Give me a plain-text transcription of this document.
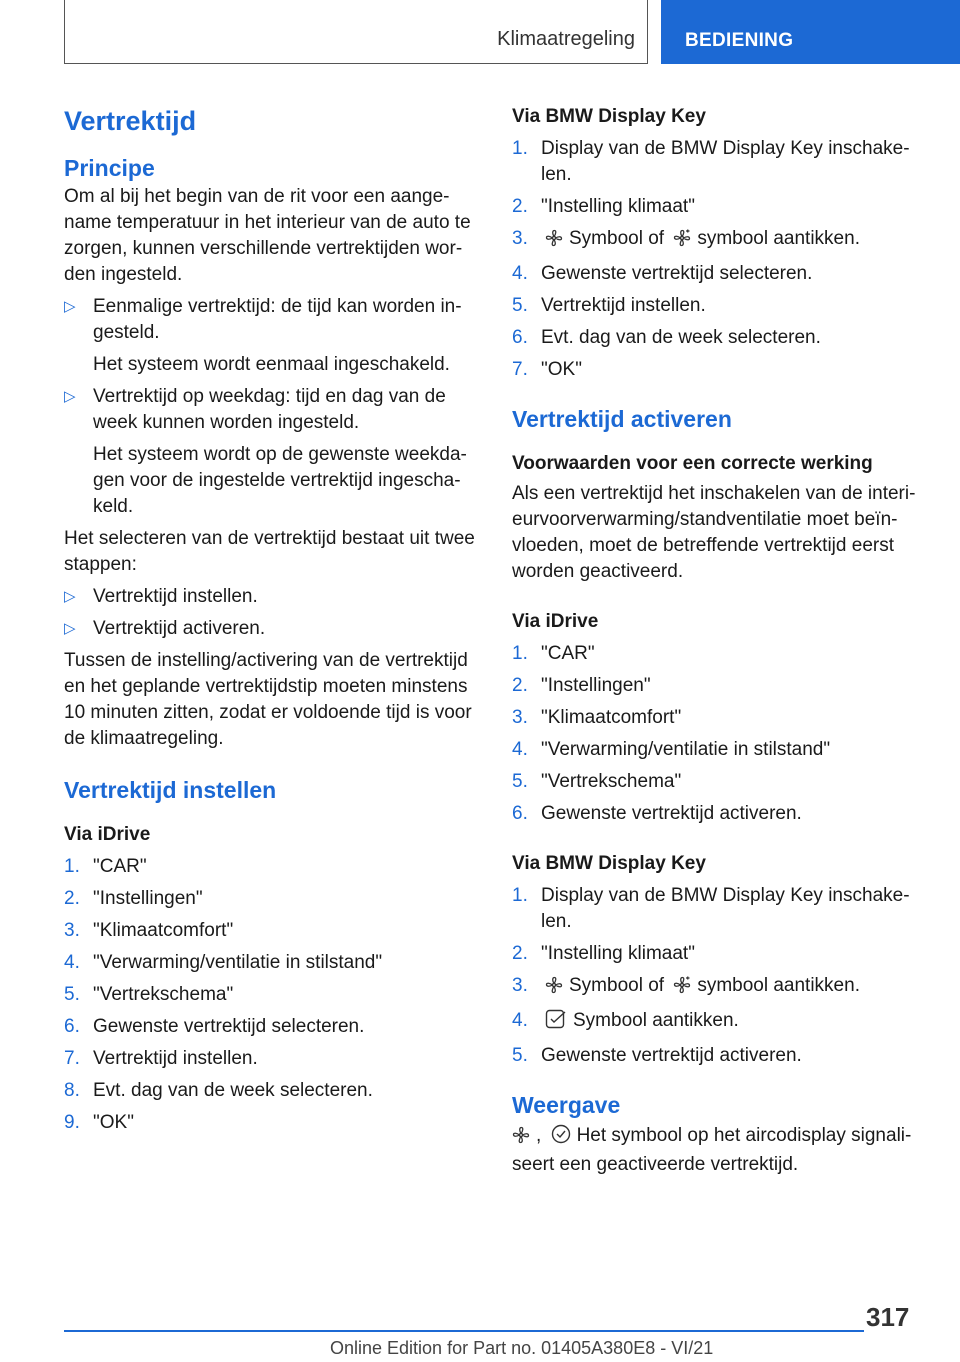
Klimaatregeling	BEDIENING
Vertrektijd
Principe

Om al bij het begin van de rit voor een aange-name temperatuur in het interieur van de auto te zorgen, kunnen verschillende vertrektijden wor-den ingesteld.

▷ Eenmalige vertrektijd: de tijd kan worden in-gesteld.

Het systeem wordt eenmaal ingeschakeld.

▷ Vertrektijd op weekdag: tijd en dag van de week kunnen worden ingesteld.

Het systeem wordt op de gewenste weekda-gen voor de ingestelde vertrektijd ingescha-keld.

Het selecteren van de vertrektijd bestaat uit twee stappen:

▷ Vertrektijd instellen.
▷ Vertrektijd activeren.

Tussen de instelling/activering van de vertrektijd en het geplande vertrektijdstip moeten minstens 10 minuten zitten, zodat er voldoende tijd is voor de klimaatregeling.

Vertrektijd instellen
Via iDrive
1. "CAR"
2. "Instellingen"
3. "Klimaatcomfort"
4. "Verwarming/ventilatie in stilstand"
5. "Vertrekschema"
6. Gewenste vertrektijd selecteren.
7. Vertrektijd instellen.
8. Evt. dag van de week selecteren.
9. "OK"
Via BMW Display Key
1. Display van de BMW Display Key inschake-len.
2. "Instelling klimaat"
3. Symbool of symbool aantikken.
4. Gewenste vertrektijd selecteren.
5. Vertrektijd instellen.
6. Evt. dag van de week selecteren.
7. "OK"
Vertrektijd activeren
Voorwaarden voor een correcte werking

Als een vertrektijd het inschakelen van de interi-eurvoorverwarming/standventilatie moet beïn-vloeden, moet de betreffende vertrektijd eerst worden geactiveerd.

Via iDrive
1. "CAR"
2. "Instellingen"
3. "Klimaatcomfort"
4. "Verwarming/ventilatie in stilstand"
5. "Vertrekschema"
6. Gewenste vertrektijd activeren.
Via BMW Display Key
1. Display van de BMW Display Key inschake-len.
2. "Instelling klimaat"
3. Symbool of symbool aantikken.
4. Symbool aantikken.
5. Gewenste vertrektijd activeren.
Weergave

, Het symbool op het aircodisplay signali-seert een geactiveerde vertrektijd.

317
Online Edition for Part no. 01405A380E8 - VI/21
